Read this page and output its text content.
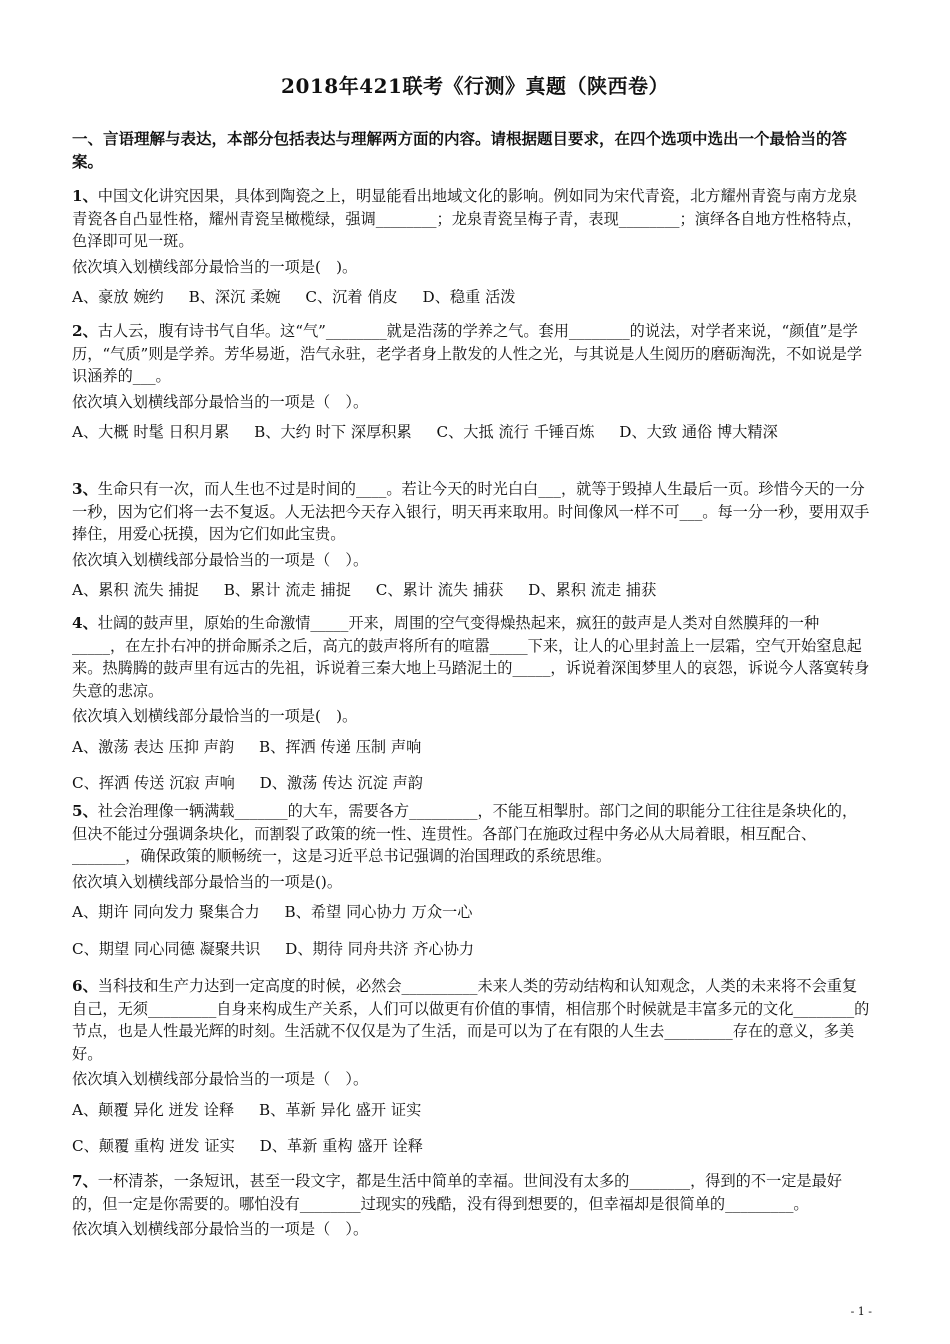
2018年421联考《行测》真题（陕西卷）
一、言语理解与表达，本部分包括表达与理解两方面的内容。请根据题目要求，在四个选项中选出一个最恰当的答案。

1、中国文化讲究因果，具体到陶瓷之上，明显能看出地域文化的影响。例如同为宋代青瓷，北方耀州青瓷与南方龙泉青瓷各自凸显性格，耀州青瓷呈橄榄绿，强调________；龙泉青瓷呈梅子青，表现________；演绎各自地方性格特点，色泽即可见一斑。

依次填入划横线部分最恰当的一项是(　)。

A、豪放 婉约 B、深沉 柔婉 C、沉着 俏皮 D、稳重 活泼

2、古人云，腹有诗书气自华。这“气”________就是浩荡的学养之气。套用________的说法，对学者来说，“颜值”是学历，“气质”则是学养。芳华易逝，浩气永驻，老学者身上散发的人性之光，与其说是人生阅历的磨砺淘洗，不如说是学识涵养的___。

依次填入划横线部分最恰当的一项是（　）。

A、大概 时髦 日积月累 B、大约 时下 深厚积累 C、大抵 流行 千锤百炼 D、大致 通俗 博大精深

3、生命只有一次，而人生也不过是时间的____。若让今天的时光白白___，就等于毁掉人生最后一页。珍惜今天的一分一秒，因为它们将一去不复返。人无法把今天存入银行，明天再来取用。时间像风一样不可___。每一分一秒，要用双手捧住，用爱心抚摸，因为它们如此宝贵。

依次填入划横线部分最恰当的一项是（　）。

A、累积 流失 捕捉 B、累计 流走 捕捉 C、累计 流失 捕获 D、累积 流走 捕获

4、壮阔的鼓声里，原始的生命激情_____开来，周围的空气变得燥热起来，疯狂的鼓声是人类对自然膜拜的一种_____，在左扑右冲的拼命厮杀之后，高亢的鼓声将所有的喧嚣_____下来，让人的心里封盖上一层霜，空气开始窒息起来。热腾腾的鼓声里有远古的先祖，诉说着三秦大地上马踏泥土的_____，诉说着深闺梦里人的哀怨，诉说今人落寞转身失意的悲凉。

依次填入划横线部分最恰当的一项是(　)。

A、激荡 表达 压抑 声韵 B、挥洒 传递 压制 声响

C、挥洒 传送 沉寂 声响 D、激荡 传达 沉淀 声韵

5、社会治理像一辆满载_______的大车，需要各方_________，不能互相掣肘。部门之间的职能分工往往是条块化的，但决不能过分强调条块化，而割裂了政策的统一性、连贯性。各部门在施政过程中务必从大局着眼，相互配合、_______，确保政策的顺畅统一，这是习近平总书记强调的治国理政的系统思维。

依次填入划横线部分最恰当的一项是()。

A、期许 同向发力 聚集合力 B、希望 同心协力 万众一心

C、期望 同心同德 凝聚共识 D、期待 同舟共济 齐心协力

6、当科技和生产力达到一定高度的时候，必然会__________未来人类的劳动结构和认知观念，人类的未来将不会重复自己，无须_________自身来构成生产关系，人们可以做更有价值的事情，相信那个时候就是丰富多元的文化________的节点，也是人性最光辉的时刻。生活就不仅仅是为了生活，而是可以为了在有限的人生去_________存在的意义，多美好。

依次填入划横线部分最恰当的一项是（　）。

A、颠覆 异化 迸发 诠释 B、革新 异化 盛开 证实

C、颠覆 重构 迸发 证实 D、革新 重构 盛开 诠释

7、一杯清茶，一条短讯，甚至一段文字，都是生活中简单的幸福。世间没有太多的________，得到的不一定是最好的，但一定是你需要的。哪怕没有________过现实的残酷，没有得到想要的，但幸福却是很简单的_________。

依次填入划横线部分最恰当的一项是（　）。

- 1 -
